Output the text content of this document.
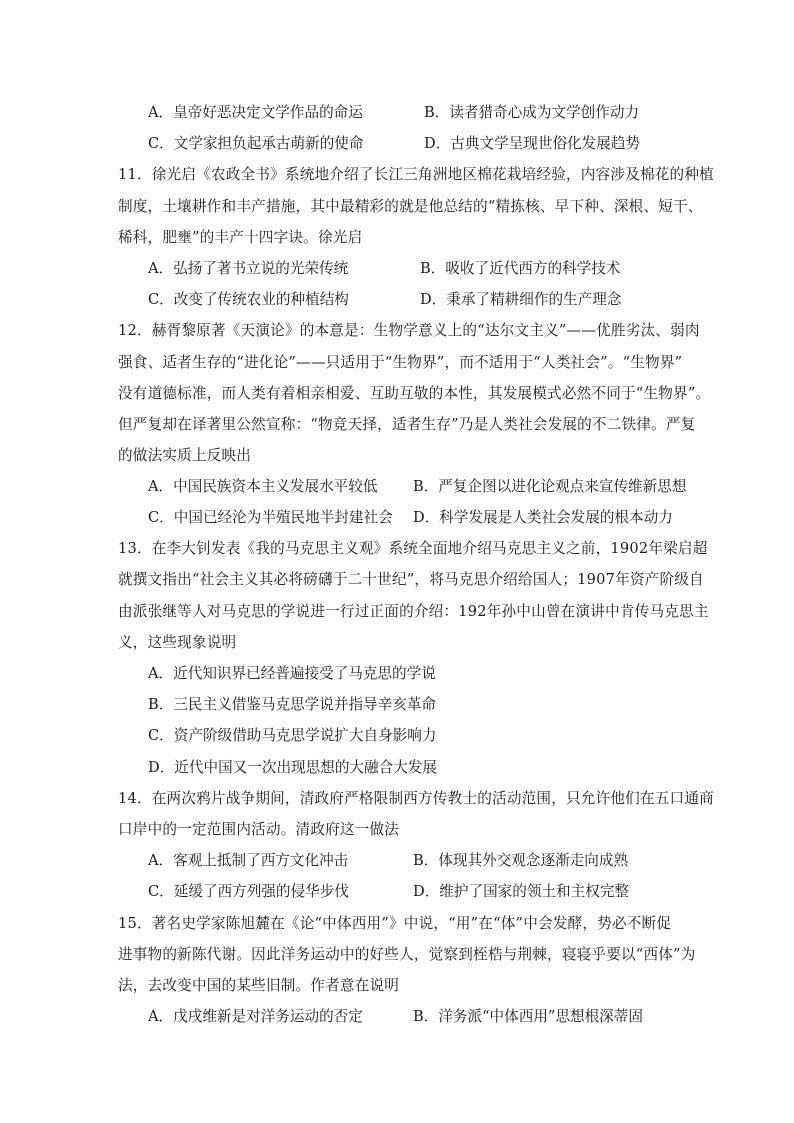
A．皇帝好恶决定文学作品的命运	B．读者猎奇心成为文学创作动力
C．文学家担负起承古萌新的使命	D．古典文学呈现世俗化发展趋势
11．徐光启《农政全书》系统地介绍了长江三角洲地区棉花栽培经验，内容涉及棉花的种植
制度，土壤耕作和丰产措施，其中最精彩的就是他总结的“精拣核、早下种、深根、短干、
稀科，肥壅”的丰产十四字诀。徐光启
A．弘扬了著书立说的光荣传统	B．吸收了近代西方的科学技术
C．改变了传统农业的种植结构	D．秉承了精耕细作的生产理念
12．赫胥黎原著《天演论》的本意是：生物学意义上的“达尔文主义”——优胜劣汰、弱肉
强食、适者生存的“进化论”——只适用于“生物界”，而不适用于“人类社会”。“生物界”
没有道德标准，而人类有着相亲相爱、互助互敬的本性，其发展模式必然不同于“生物界”。
但严复却在译著里公然宣称：“物竞天择，适者生存”乃是人类社会发展的不二铁律。严复
的做法实质上反映出
A．中国民族资本主义发展水平较低 B．严复企图以进化论观点来宣传维新思想
C．中国已经沦为半殖民地半封建社会 D．科学发展是人类社会发展的根本动力
13．在李大钊发表《我的马克思主义观》系统全面地介绍马克思主义之前，1902年梁启超
就撰文指出“社会主义其必将磅礴于二十世纪”，将马克思介绍给国人；1907年资产阶级自
由派张继等人对马克思的学说进一行过正面的介绍：192年孙中山曾在演讲中肯传马克思主
义，这些现象说明
A．近代知识界已经普遍接受了马克思的学说
B．三民主义借鉴马克思学说并指导辛亥革命
C．资产阶级借助马克思学说扩大自身影响力
D．近代中国又一次出现思想的大融合大发展
14．在两次鸦片战争期间，清政府严格限制西方传教士的活动范围，只允许他们在五口通商
口岸中的一定范围内活动。清政府这一做法
A．客观上抵制了西方文化冲击	B．体现其外交观念逐渐走向成熟
C．延缓了西方列强的侵华步伐	D．维护了国家的领土和主权完整
15．著名史学家陈旭麓在《论“中体西用”》中说，“用”在“体”中会发酵，势必不断促
进事物的新陈代谢。因此洋务运动中的好些人，觉察到桎梏与荆棘，寝寝乎要以“西体”为
法，去改变中国的某些旧制。作者意在说明
A．戊戌维新是对洋务运动的否定	B．洋务派“中体西用”思想根深蒂固
